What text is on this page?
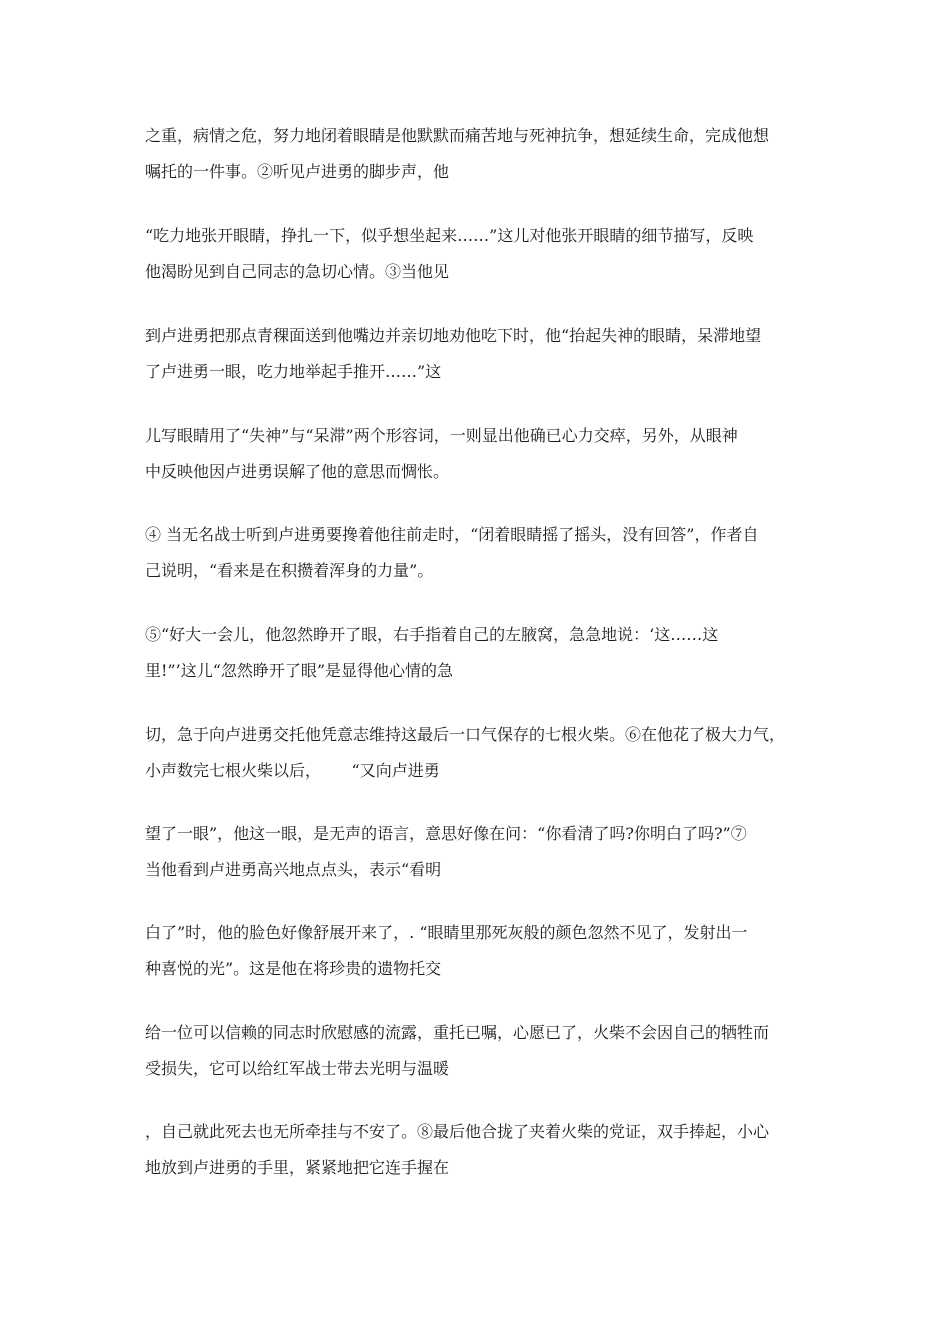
之重，病情之危，努力地闭着眼睛是他默默而痛苦地与死神抗争，想延续生命，完成他想
嘱托的一件事。②听见卢进勇的脚步声，他
“吃力地张开眼睛，挣扎一下，似乎想坐起来……”这儿对他张开眼睛的细节描写，反映
他渴盼见到自己同志的急切心情。③当他见
到卢进勇把那点青稞面送到他嘴边并亲切地劝他吃下时，他“抬起失神的眼睛，呆滞地望
了卢进勇一眼，吃力地举起手推开……”这
儿写眼睛用了“失神”与“呆滞”两个形容词，一则显出他确已心力交瘁，另外，从眼神
中反映他因卢进勇误解了他的意思而惆怅。
④ 当无名战士听到卢进勇要搀着他往前走时，“闭着眼睛摇了摇头，没有回答”，作者自
己说明，“看来是在积攒着浑身的力量”。
⑤“好大一会儿，他忽然睁开了眼，右手指着自己的左腋窝，急急地说：‘这……这
里!”’这儿“忽然睁开了眼”是显得他心情的急
切，急于向卢进勇交托他凭意志维持这最后一口气保存的七根火柴。⑥在他花了极大力气，
小声数完七根火柴以后，      “又向卢进勇
望了一眼”，他这一眼，是无声的语言，意思好像在问：“你看清了吗?你明白了吗?”⑦
当他看到卢进勇高兴地点点头，表示“看明
白了”时，他的脸色好像舒展开来了，. “眼睛里那死灰般的颜色忽然不见了，发射出一
种喜悦的光”。这是他在将珍贵的遗物托交
给一位可以信赖的同志时欣慰感的流露，重托已嘱，心愿已了，火柴不会因自己的牺牲而
受损失，它可以给红军战士带去光明与温暖
，自己就此死去也无所牵挂与不安了。⑧最后他合拢了夹着火柴的党证，双手捧起，小心
地放到卢进勇的手里，紧紧地把它连手握在
